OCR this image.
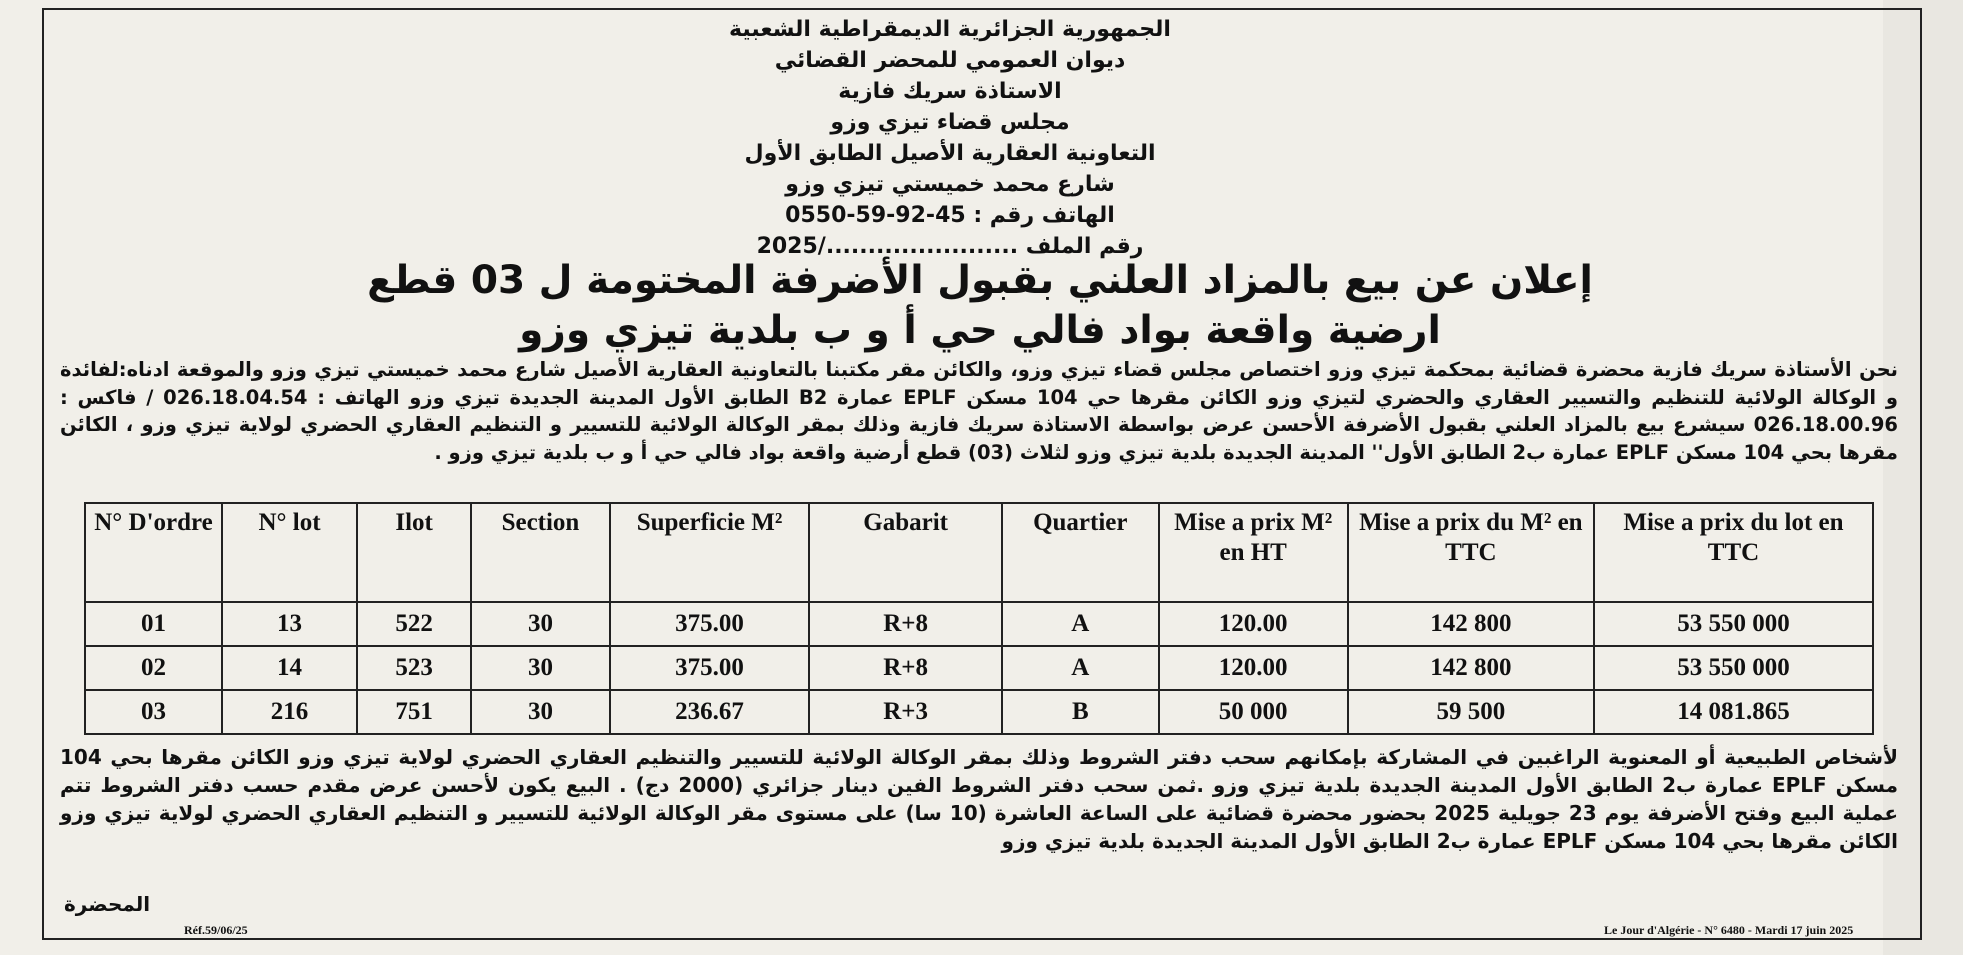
الجمهورية الجزائرية الديمقراطية الشعبية
ديوان العمومي للمحضر القضائي
الاستاذة سريك فازية
مجلس قضاء تيزي وزو
التعاونية العقارية الأصيل الطابق الأول
شارع محمد خميستي تيزي وزو
الهاتف رقم : 45-92-59-0550
رقم الملف ......................./2025
إعلان عن بيع بالمزاد العلني بقبول الأضرفة المختومة ل 03 قطع
ارضية واقعة بواد فالي حي أ و ب بلدية تيزي وزو
نحن الأستاذة سريك فازية محضرة قضائية بمحكمة تيزي وزو اختصاص مجلس قضاء تيزي وزو، والكائن مقر مكتبنا بالتعاونية العقارية الأصيل شارع محمد خميستي تيزي وزو والموقعة ادناه:لفائدة و الوكالة الولائية للتنظيم والتسيير العقاري والحضري لتيزي وزو الكائن مقرها حي 104 مسكن EPLF عمارة B2 الطابق الأول المدينة الجديدة تيزي وزو الهاتف : 026.18.04.54 / فاكس : 026.18.00.96 سيشرع بيع بالمزاد العلني بقبول الأضرفة الأحسن عرض بواسطة الاستاذة سريك فازية وذلك بمقر الوكالة الولائية للتسيير و التنظيم العقاري الحضري لولاية تيزي وزو ، الكائن مقرها بحي 104 مسكن EPLF عمارة ب2 الطابق الأول'' المدينة الجديدة بلدية تيزي وزو لثلاث (03) قطع أرضية واقعة بواد فالي حي أ و ب بلدية تيزي وزو .
N° D'ordre	N° lot	Ilot	Section	Superficie M²	Gabarit	Quartier	Mise a prix M² en HT	Mise a prix du M² en TTC	Mise a prix du lot en TTC
01	13	522	30	375.00	R+8	A	120.00	142 800	53 550 000
02	14	523	30	375.00	R+8	A	120.00	142 800	53 550 000
03	216	751	30	236.67	R+3	B	50 000	59 500	14 081.865
لأشخاص الطبيعية أو المعنوية الراغبين في المشاركة بإمكانهم سحب دفتر الشروط وذلك بمقر الوكالة الولائية للتسيير والتنظيم العقاري الحضري لولاية تيزي وزو الكائن مقرها بحي 104 مسكن EPLF عمارة ب2 الطابق الأول المدينة الجديدة بلدية تيزي وزو .ثمن سحب دفتر الشروط الفين دينار جزائري (2000 دج) . البيع يكون لأحسن عرض مقدم حسب دفتر الشروط تتم عملية البيع وفتح الأضرفة يوم 23 جويلية 2025 بحضور محضرة قضائية على الساعة العاشرة (10 سا) على مستوى مقر الوكالة الولائية للتسيير و التنظيم العقاري الحضري لولاية تيزي وزو الكائن مقرها بحي 104 مسكن EPLF عمارة ب2 الطابق الأول المدينة الجديدة بلدية تيزي وزو
المحضرة
Réf.59/06/25	Le Jour d'Algérie - N° 6480 - Mardi 17 juin 2025
